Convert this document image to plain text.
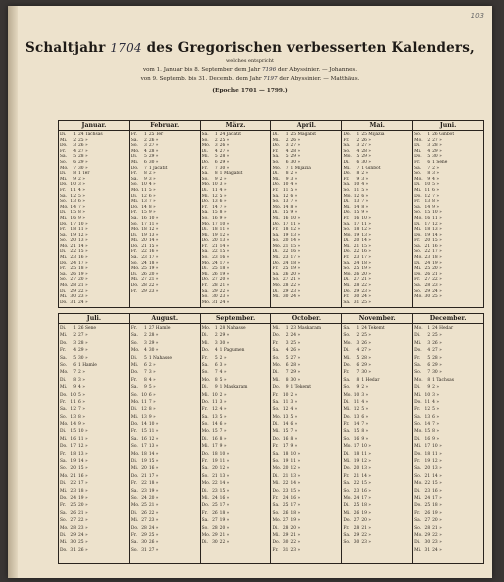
103
Schaltjahr 1704 des Gregorischen verbesserten Kalenders,
welches entspricht
vom 1. Januar bis 8. September dem Jahr 7196 der Abyssinier. — Johannes.
von 9. Septemb. bis 31. Decemb. dem Jahr 7197 der Abyssinier. — Matthäus.
(Epoche 1701 — 1799.)
Januar.
Di. 1 24 Tachsas
Mi. 2 25 »
Do. 3 26 »
Fr. 4 27 »
Sa. 5 28 »
So. 6 29 »
Mo. 7 30 »
Di. 8 1 Ter
Mi. 9 2 »
Do. 10 3 »
Fr. 11 4 »
Sa. 12 5 »
So. 13 6 »
Mo. 14 7 »
Di. 15 8 »
Mi. 16 9 »
Do. 17 10 »
Fr. 18 11 »
Sa. 19 12 »
So. 20 13 »
Mo. 21 14 »
Di. 22 15 »
Mi. 23 16 »
Do. 24 17 »
Fr. 25 18 »
Sa. 26 19 »
So. 27 20 »
Mo. 28 21 »
Di. 29 22 »
Mi. 30 23 »
Do. 31 24 »
Februar.
Fr. 1 25 Ter
Sa. 2 26 »
So. 3 27 »
Mo. 4 28 »
Di. 5 29 »
Mi. 6 30 »
Do. 7 1 Jacatit
Fr. 8 2 »
Sa. 9 3 »
So. 10 4 »
Mo. 11 5 »
Di. 12 6 »
Mi. 13 7 »
Do. 14 8 »
Fr. 15 9 »
Sa. 16 10 »
So. 17 11 »
Mo. 18 12 »
Di. 19 13 »
Mi. 20 14 »
Do. 21 15 »
Fr. 22 16 »
Sa. 23 17 »
So. 24 18 »
Mo. 25 19 »
Di. 26 20 »
Mi. 27 21 »
Do. 28 22 »
Fr. 29 23 »
März.
Sa. 1 24 Jacatit
So. 2 25 »
Mo. 3 26 »
Di. 4 27 »
Mi. 5 28 »
Do. 6 29 »
Fr. 7 30 »
Sa. 8 1 Magabit
So. 9 2 »
Mo. 10 3 »
Di. 11 4 »
Mi. 12 5 »
Do. 13 6 »
Fr. 14 7 »
Sa. 15 8 »
So. 16 9 »
Mo. 17 10 »
Di. 18 11 »
Mi. 19 12 »
Do. 20 13 »
Fr. 21 14 »
Sa. 22 15 »
So. 23 16 »
Mo. 24 17 »
Di. 25 18 »
Mi. 26 19 »
Do. 27 20 »
Fr. 28 21 »
Sa. 29 22 »
So. 30 23 »
Mo. 31 24 »
April.
Di. 1 25 Magabit
Mi. 2 26 »
Do. 3 27 »
Fr. 4 28 »
Sa. 5 29 »
So. 6 30 »
Mo. 7 1 Mijazia
Di. 8 2 »
Mi. 9 3 »
Do. 10 4 »
Fr. 11 5 »
Sa. 12 6 »
So. 13 7 »
Mo. 14 8 »
Di. 15 9 »
Mi. 16 10 »
Do. 17 11 »
Fr. 18 12 »
Sa. 19 13 »
So. 20 14 »
Mo. 21 15 »
Di. 22 16 »
Mi. 23 17 »
Do. 24 18 »
Fr. 25 19 »
Sa. 26 20 »
So. 27 21 »
Mo. 28 22 »
Di. 29 23 »
Mi. 30 24 »
Mai.
Do. 1 25 Mijazia
Fr. 2 26 »
Sa. 3 27 »
So. 4 28 »
Mo. 5 29 »
Di. 6 30 »
Mi. 7 1 Ginbot
Do. 8 2 »
Fr. 9 3 »
Sa. 10 4 »
So. 11 5 »
Mo. 12 6 »
Di. 13 7 »
Mi. 14 8 »
Do. 15 9 »
Fr. 16 10 »
Sa. 17 11 »
So. 18 12 »
Mo. 19 13 »
Di. 20 14 »
Mi. 21 15 »
Do. 22 16 »
Fr. 23 17 »
Sa. 24 18 »
So. 25 19 »
Mo. 26 20 »
Di. 27 21 »
Mi. 28 22 »
Do. 29 23 »
Fr. 30 24 »
Sa. 31 25 »
Juni.
So. 1 26 Ginbot
Mo. 2 27 »
Di. 3 28 »
Mi. 4 29 »
Do. 5 30 »
Fr. 6 1 Sene
Sa. 7 2 »
So. 8 3 »
Mo. 9 4 »
Di. 10 5 »
Mi. 11 6 »
Do. 12 7 »
Fr. 13 8 »
Sa. 14 9 »
So. 15 10 »
Mo. 16 11 »
Di. 17 12 »
Mi. 18 13 »
Do. 19 14 »
Fr. 20 15 »
Sa. 21 16 »
So. 22 17 »
Mo. 23 18 »
Di. 24 19 »
Mi. 25 20 »
Do. 26 21 »
Fr. 27 22 »
Sa. 28 23 »
So. 29 24 »
Mo. 30 25 »
Juli.
Di. 1 26 Sene
Mi. 2 27 »
Do. 3 28 »
Fr. 4 29 »
Sa. 5 30 »
So. 6 1 Hamle
Mo. 7 2 »
Di. 8 3 »
Mi. 9 4 »
Do. 10 5 »
Fr. 11 6 »
Sa. 12 7 »
So. 13 8 »
Mo. 14 9 »
Di. 15 10 »
Mi. 16 11 »
Do. 17 12 »
Fr. 18 13 »
Sa. 19 14 »
So. 20 15 »
Mo. 21 16 »
Di. 22 17 »
Mi. 23 18 »
Do. 24 19 »
Fr. 25 20 »
Sa. 26 21 »
So. 27 22 »
Mo. 28 23 »
Di. 29 24 »
Mi. 30 25 »
Do. 31 26 »
August.
Fr. 1 27 Hamle
Sa. 2 28 »
So. 3 29 »
Mo. 4 30 »
Di. 5 1 Nahasse
Mi. 6 2 »
Do. 7 3 »
Fr. 8 4 »
Sa. 9 5 »
So. 10 6 »
Mo. 11 7 »
Di. 12 8 »
Mi. 13 9 »
Do. 14 10 »
Fr. 15 11 »
Sa. 16 12 »
So. 17 13 »
Mo. 18 14 »
Di. 19 15 »
Mi. 20 16 »
Do. 21 17 »
Fr. 22 18 »
Sa. 23 19 »
So. 24 20 »
Mo. 25 21 »
Di. 26 22 »
Mi. 27 23 »
Do. 28 24 »
Fr. 29 25 »
Sa. 30 26 »
So. 31 27 »
September.
Mo. 1 28 Nahasse
Di. 2 29 »
Mi. 3 30 »
Do. 4 1 Pagumen
Fr. 5 2 »
Sa. 6 3 »
So. 7 4 »
Mo. 8 5 »
Di. 9 1 Maskaram
Mi. 10 2 »
Do. 11 3 »
Fr. 12 4 »
Sa. 13 5 »
So. 14 6 »
Mo. 15 7 »
Di. 16 8 »
Mi. 17 9 »
Do. 18 10 »
Fr. 19 11 »
Sa. 20 12 »
So. 21 13 »
Mo. 22 14 »
Di. 23 15 »
Mi. 24 16 »
Do. 25 17 »
Fr. 26 18 »
Sa. 27 19 »
So. 28 20 »
Mo. 29 21 »
Di. 30 22 »
October.
Mi. 1 23 Maskaram
Do. 2 24 »
Fr. 3 25 »
Sa. 4 26 »
So. 5 27 »
Mo. 6 28 »
Di. 7 29 »
Mi. 8 30 »
Do. 9 1 Tekemt
Fr. 10 2 »
Sa. 11 3 »
So. 12 4 »
Mo. 13 5 »
Di. 14 6 »
Mi. 15 7 »
Do. 16 8 »
Fr. 17 9 »
Sa. 18 10 »
So. 19 11 »
Mo. 20 12 »
Di. 21 13 »
Mi. 22 14 »
Do. 23 15 »
Fr. 24 16 »
Sa. 25 17 »
So. 26 18 »
Mo. 27 19 »
Di. 28 20 »
Mi. 29 21 »
Do. 30 22 »
Fr. 31 23 »
November.
Sa. 1 24 Tekemt
So. 2 25 »
Mo. 3 26 »
Di. 4 27 »
Mi. 5 28 »
Do. 6 29 »
Fr. 7 30 »
Sa. 8 1 Hedar
So. 9 2 »
Mo. 10 3 »
Di. 11 4 »
Mi. 12 5 »
Do. 13 6 »
Fr. 14 7 »
Sa. 15 8 »
So. 16 9 »
Mo. 17 10 »
Di. 18 11 »
Mi. 19 12 »
Do. 20 13 »
Fr. 21 14 »
Sa. 22 15 »
So. 23 16 »
Mo. 24 17 »
Di. 25 18 »
Mi. 26 19 »
Do. 27 20 »
Fr. 28 21 »
Sa. 29 22 »
So. 30 23 »
December.
Mo. 1 24 Hedar
Di. 2 25 »
Mi. 3 26 »
Do. 4 27 »
Fr. 5 28 »
Sa. 6 29 »
So. 7 30 »
Mo. 8 1 Tachsas
Di. 9 2 »
Mi. 10 3 »
Do. 11 4 »
Fr. 12 5 »
Sa. 13 6 »
So. 14 7 »
Mo. 15 8 »
Di. 16 9 »
Mi. 17 10 »
Do. 18 11 »
Fr. 19 12 »
Sa. 20 13 »
So. 21 14 »
Mo. 22 15 »
Di. 23 16 »
Mi. 24 17 »
Do. 25 18 »
Fr. 26 19 »
Sa. 27 20 »
So. 28 21 »
Mo. 29 22 »
Di. 30 23 »
Mi. 31 24 »
